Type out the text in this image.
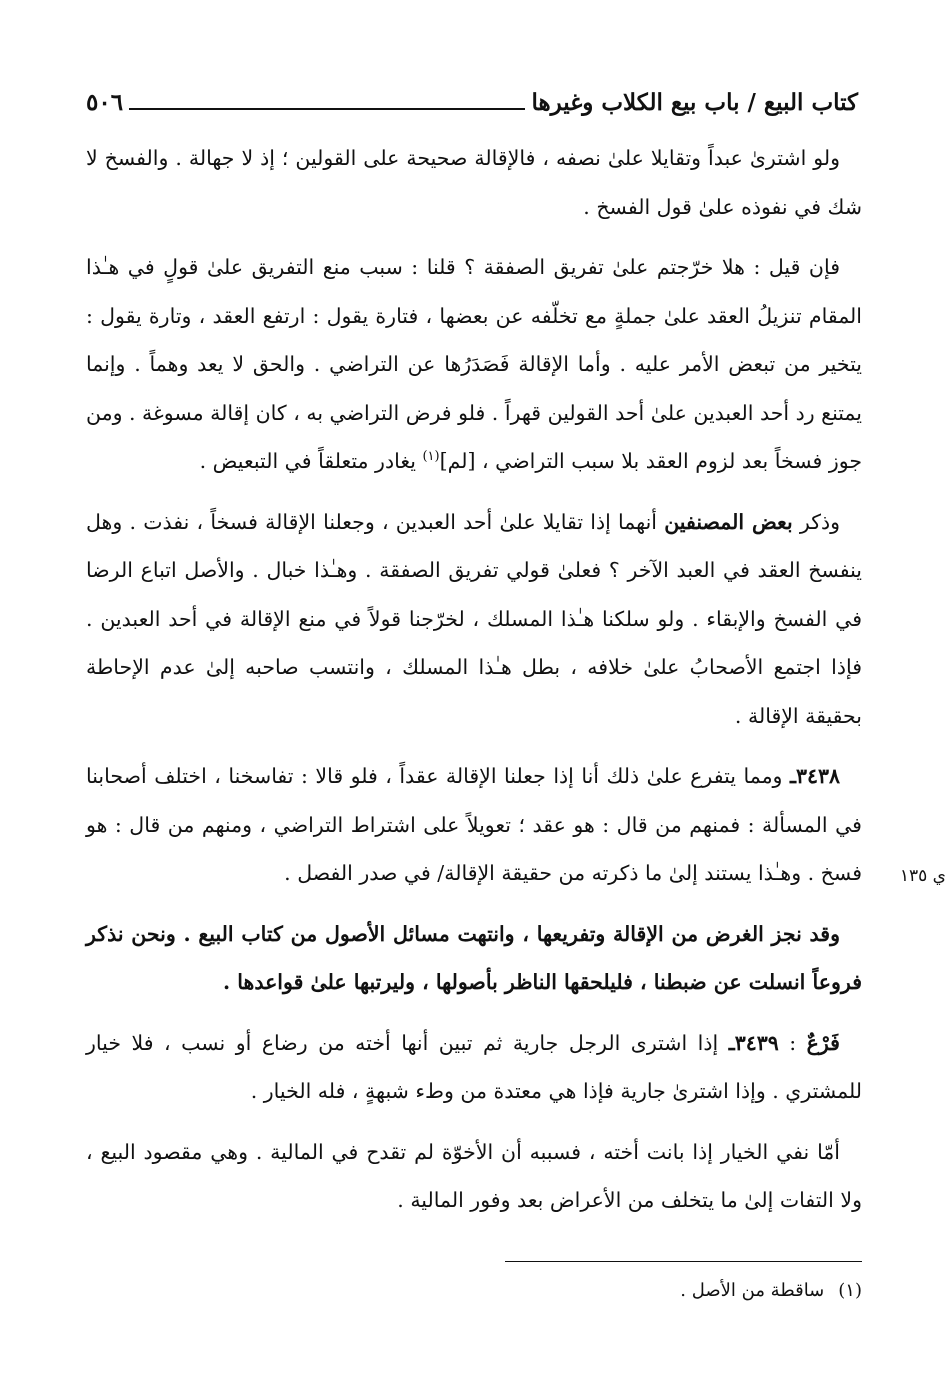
كتاب البيع / باب بيع الكلاب وغيرها
٥٠٦

ولو اشترىٰ عبداً وتقايلا علىٰ نصفه ، فالإقالة صحيحة على القولين ؛ إذ لا جهالة . والفسخ لا شك في نفوذه علىٰ قول الفسخ .

فإن قيل : هلا خرّجتم علىٰ تفريق الصفقة ؟ قلنا : سبب منع التفريق علىٰ قولٍ في هـٰذا المقام تنزيلُ العقد علىٰ جملةٍ مع تخلّفه عن بعضها ، فتارة يقول : ارتفع العقد ، وتارة يقول : يتخير من تبعض الأمر عليه . وأما الإقالة فَصَدَرُها عن التراضي . والحق لا يعد وهماً . وإنما يمتنع رد أحد العبدين علىٰ أحد القولين قهراً . فلو فرض التراضي به ، كان إقالة مسوغة . ومن جوز فسخاً بعد لزوم العقد بلا سبب التراضي ، [لم]$^{(١)}$ يغادر متعلقاً في التبعيض .

وذكر بعض المصنفين أنهما إذا تقايلا علىٰ أحد العبدين ، وجعلنا الإقالة فسخاً ، نفذت . وهل ينفسخ العقد في العبد الآخر ؟ فعلىٰ قولي تفريق الصفقة . وهـٰذا خبال . والأصل اتباع الرضا في الفسخ والإبقاء . ولو سلكنا هـٰذا المسلك ، لخرّجنا قولاً في منع الإقالة في أحد العبدين . فإذا اجتمع الأصحابُ علىٰ خلافه ، بطل هـٰذا المسلك ، وانتسب صاحبه إلىٰ عدم الإحاطة بحقيقة الإقالة .

٣٤٣٨ـ ومما يتفرع علىٰ ذلك أنا إذا جعلنا الإقالة عقداً ، فلو قالا : تفاسخنا ، اختلف أصحابنا في المسألة : فمنهم من قال : هو عقد ؛ تعويلاً على اشتراط التراضي ، ومنهم من قال : هو فسخ . وهـٰذا يستند إلىٰ ما ذكرته من حقيقة الإقالة/ في صدر الفصل .

وقد نجز الغرض من الإقالة وتفريعها ، وانتهت مسائل الأصول من كتاب البيع . ونحن نذكر فروعاً انسلت عن ضبطنا ، فليلحقها الناظر بأصولها ، وليرتبها علىٰ قواعدها .

فَرْعٌ : ٣٤٣٩ـ إذا اشترى الرجل جارية ثم تبين أنها أخته من رضاع أو نسب ، فلا خيار للمشتري . وإذا اشترىٰ جارية فإذا هي معتدة من وطء شبهةٍ ، فله الخيار .

أمّا نفي الخيار إذا بانت أخته ، فسببه أن الأخوّة لم تقدح في المالية . وهي مقصود البيع ، ولا التفات إلىٰ ما يتخلف من الأعراض بعد وفور المالية .

ي ١٣٥
(١)ساقطة من الأصل .
